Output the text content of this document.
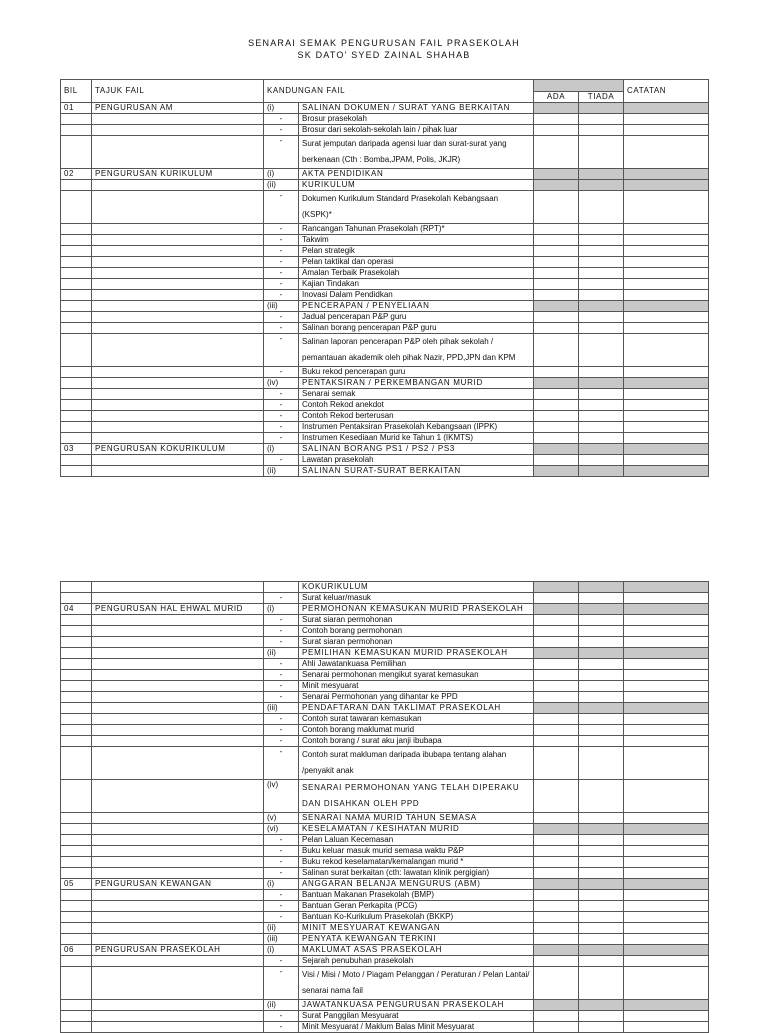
SENARAI SEMAK PENGURUSAN FAIL PRASEKOLAH
SK DATO' SYED ZAINAL SHAHAB
BIL	TAJUK FAIL	KANDUNGAN FAIL				CATATAN
				ADA	TIADA	
01	PENGURUSAN AM	(i)	SALINAN DOKUMEN / SURAT YANG BERKAITAN			
		-	Brosur prasekolah			
		-	Brosur dari sekolah-sekolah lain / pihak luar			
		-	Surat jemputan daripada agensi luar dan surat-surat yang berkenaan (Cth : Bomba,JPAM, Polis, JKJR)			
02	PENGURUSAN KURIKULUM	(i)	AKTA PENDIDIKAN			
		(ii)	KURIKULUM			
		-	Dokumen Kurikulum Standard Prasekolah Kebangsaan (KSPK)*			
		-	Rancangan Tahunan Prasekolah (RPT)*			
		-	Takwim			
		-	Pelan strategik			
		-	Pelan taktikal dan operasi			
		-	Amalan Terbaik Prasekolah			
		-	Kajian Tindakan			
		-	Inovasi Dalam Pendidkan			
		(iii)	PENCERAPAN / PENYELIAAN			
		-	Jadual pencerapan P&P guru			
		-	Salinan borang pencerapan P&P guru			
		-	Salinan laporan pencerapan P&P oleh pihak sekolah / pemantauan akademik oleh pihak Nazir, PPD,JPN dan KPM			
		-	Buku rekod pencerapan guru			
		(iv)	PENTAKSIRAN / PERKEMBANGAN MURID			
		-	Senarai semak			
		-	Contoh Rekod anekdot			
		-	Contoh Rekod berterusan			
		-	Instrumen Pentaksiran Prasekolah Kebangsaan (IPPK)			
		-	Instrumen Kesediaan Murid ke Tahun 1 (IKMTS)			
03	PENGURUSAN KOKURIKULUM	(i)	SALINAN BORANG PS1 / PS2 / PS3			
		-	Lawatan prasekolah			
		(ii)	SALINAN SURAT-SURAT BERKAITAN			
			KOKURIKULUM			
		-	Surat keluar/masuk			
04	PENGURUSAN HAL EHWAL MURID	(i)	PERMOHONAN KEMASUKAN MURID PRASEKOLAH			
		-	Surat siaran permohonan			
		-	Contoh borang permohonan			
		-	Surat siaran permohonan			
		(ii)	PEMILIHAN KEMASUKAN MURID PRASEKOLAH			
		-	Ahli Jawatankuasa Pemilihan			
		-	Senarai permohonan mengikut syarat kemasukan			
		-	Minit mesyuarat			
		-	Senarai Permohonan yang dihantar ke PPD			
		(iii)	PENDAFTARAN DAN TAKLIMAT PRASEKOLAH			
		-	Contoh surat tawaran kemasukan			
		-	Contoh borang maklumat murid			
		-	Contoh borang / surat aku janji ibubapa			
		-	Contoh surat makluman daripada ibubapa tentang alahan /penyakit anak			
		(iv)	SENARAI PERMOHONAN YANG TELAH DIPERAKU DAN DISAHKAN OLEH PPD			
		(v)	SENARAI NAMA MURID TAHUN SEMASA			
		(vi)	KESELAMATAN / KESIHATAN MURID			
		-	Pelan Laluan Kecemasan			
		-	Buku keluar masuk murid semasa waktu P&P			
		-	Buku rekod keselamatan/kemalangan murid *			
		-	Salinan surat berkaitan (cth: lawatan klinik pergigian)			
05	PENGURUSAN KEWANGAN	(i)	ANGGARAN BELANJA MENGURUS (ABM)			
		-	Bantuan Makanan Prasekolah (BMP)			
		-	Bantuan Geran Perkapita (PCG)			
		-	Bantuan Ko-Kurikulum Prasekolah (BKKP)			
		(ii)	MINIT MESYUARAT KEWANGAN			
		(iii)	PENYATA KEWANGAN TERKINI			
06	PENGURUSAN PRASEKOLAH	(i)	MAKLUMAT ASAS PRASEKOLAH			
		-	Sejarah penubuhan prasekolah			
		-	Visi / Misi / Moto / Piagam Pelanggan / Peraturan / Pelan Lantai/ senarai nama fail			
		(ii)	JAWATANKUASA PENGURUSAN PRASEKOLAH			
		-	Surat Panggilan Mesyuarat			
		-	Minit Mesyuarat / Maklum Balas Minit Mesyuarat			
